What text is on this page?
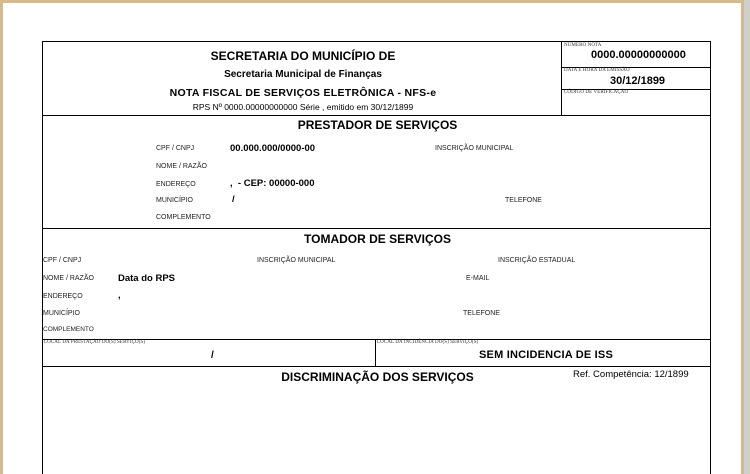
SECRETARIA DO MUNICÍPIO DE
Secretaria Municipal de Finanças
NOTA FISCAL DE SERVIÇOS ELETRÔNICA - NFS-e
RPS Nº 0000.00000000000 Série , emitido em 30/12/1899
NÚMERO NOTA
0000.00000000000
DATA E HORA DA EMISSÃO
30/12/1899
CÓDIGO DE VERIFICAÇÃO
PRESTADOR DE SERVIÇOS
CPF / CNPJ	00.000.000/0000-00	INSCRIÇÃO MUNICIPAL
NOME / RAZÃO
ENDEREÇO	,  - CEP: 00000-000
MUNICÍPIO	/	TELEFONE
COMPLEMENTO
TOMADOR DE SERVIÇOS
CPF / CNPJ	INSCRIÇÃO MUNICIPAL	INSCRIÇÃO ESTADUAL
NOME / RAZÃO	Data do RPS	E-MAIL
ENDEREÇO	,
MUNICÍPIO	TELEFONE
COMPLEMENTO
LOCAL DA PRESTAÇÃO DO(S) SERVIÇO(S)
/
LOCAL DA INCIDÊNCIA DO(S) SERVIÇO(S)
SEM INCIDENCIA DE ISS
DISCRIMINAÇÃO DOS SERVIÇOS	Ref. Competência: 12/1899
